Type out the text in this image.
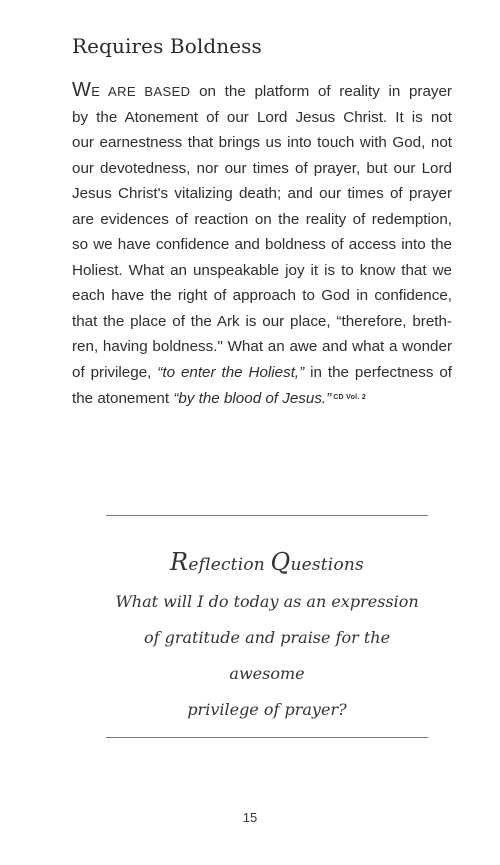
Requires Boldness
WE ARE BASED on the platform of reality in prayer
by the Atonement of our Lord Jesus Christ. It is not
our earnestness that brings us into touch with God, not
our devotedness, nor our times of prayer, but our Lord
Jesus Christ's vitalizing death; and our times of prayer
are evidences of reaction on the reality of redemption,
so we have confidence and boldness of access into the
Holiest. What an unspeakable joy it is to know that we
each have the right of approach to God in confidence,
that the place of the Ark is our place, “therefore, breth-
ren, having boldness." What an awe and what a wonder
of privilege, “to enter the Holiest,” in the perfectness of
the atonement “by the blood of Jesus.” $^{CD Vol. 2}$

Reflection Questions

What will I do today as an expression
of gratitude and praise for the awesome
privilege of prayer?

15
